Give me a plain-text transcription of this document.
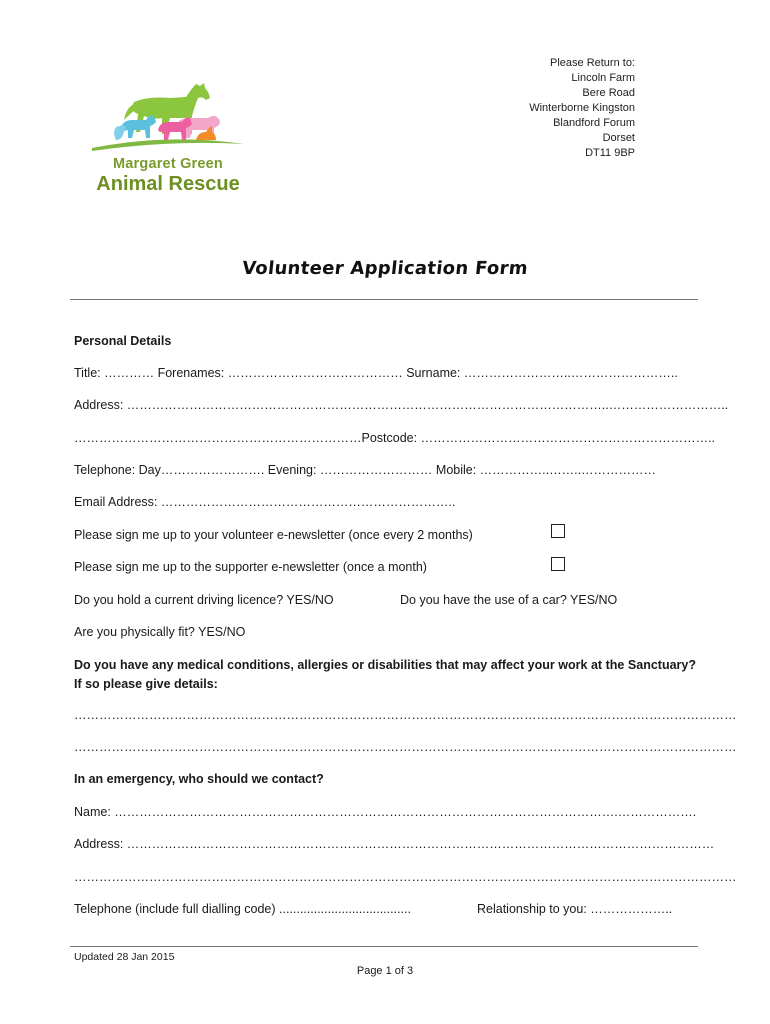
Margaret Green
Animal Rescue
Please Return to:
Lincoln Farm
Bere Road
Winterborne Kingston
Blandford Forum
Dorset
DT11 9BP
Volunteer Application Form
Personal Details
Title: ………… Forenames: …………………………………… Surname: ……………………..……………………..
Address: ……………………………………………………………………………………………………..………………………..
……………………………………………………………Postcode: ……………………………………………………………..
Telephone: Day……………………. Evening: ……………………… Mobile: ……………..……..………………
Email Address: ……………………………………………………………..
Please sign me up to your volunteer e-newsletter (once every 2 months)
Please sign me up to the supporter e-newsletter (once a month)
Do you hold a current driving licence? YES/NO	Do you have the use of a car? YES/NO
Are you physically fit? YES/NO
Do you have any medical conditions, allergies or disabilities that may affect your work at the Sanctuary? If so please give details:
……………………………………………………………………………………………………………………………………………
……………………………………………………………………………………………………………………………………………
In an emergency, who should we contact?
Name: ………………………………………………………………………………………………………….……………….
Address: ……………………………………………………………………………………………………………………………
……………………………………………………………………………………………………………………………………………
Telephone (include full dialling code) ......................................	Relationship to you: ………………..
Updated 28 Jan 2015
Page 1 of 3
